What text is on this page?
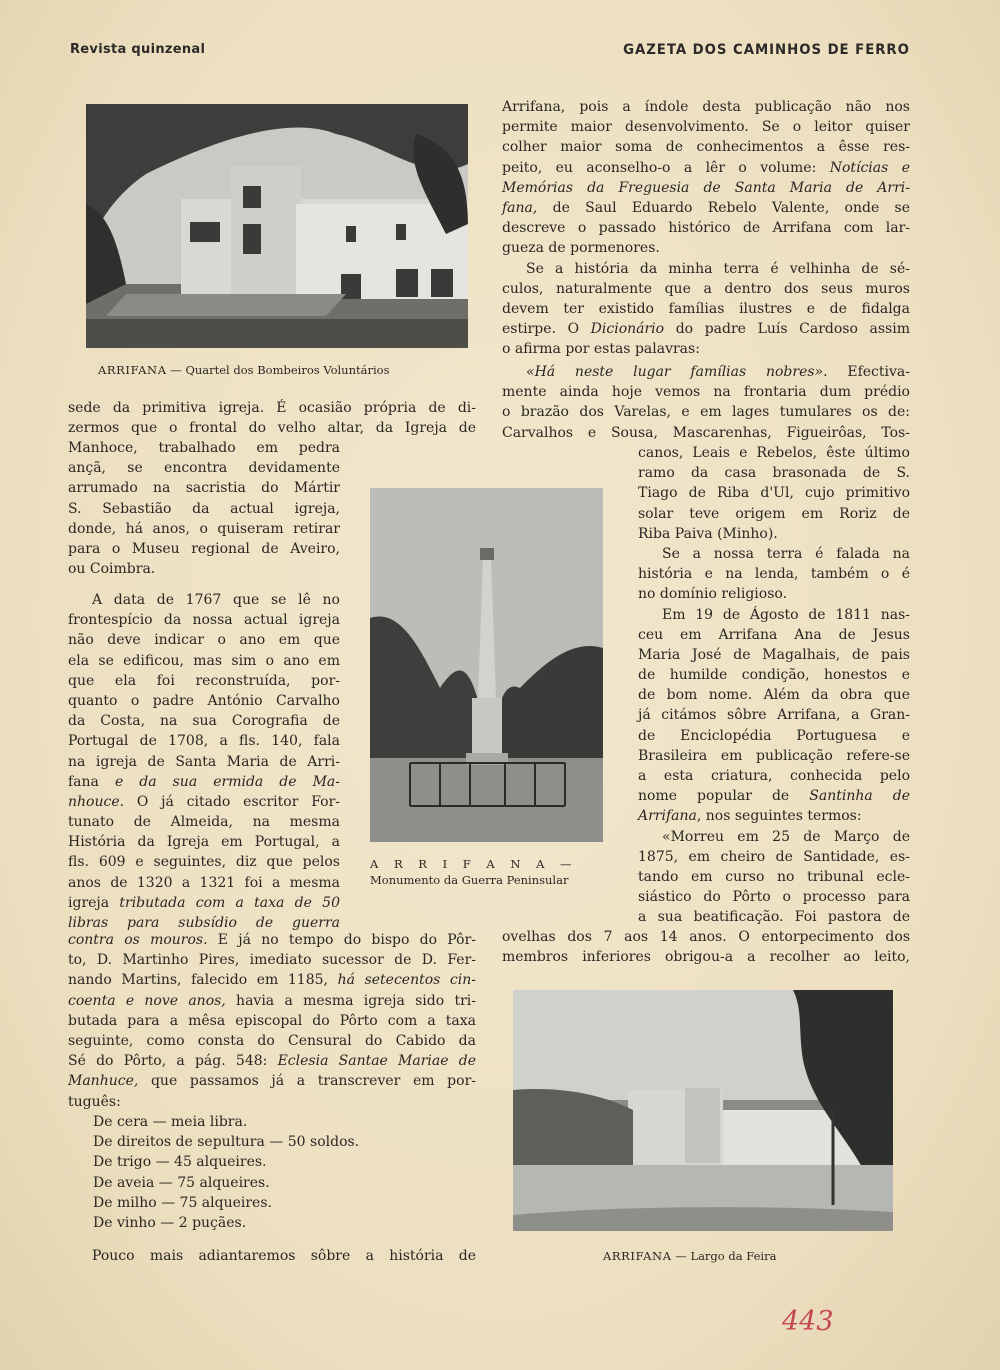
Revista quinzenal	GAZETA DOS CAMINHOS DE FERRO
ARRIFANA — Quartel dos Bombeiros Voluntários
A R R I F A N A —
Monumento da Guerra Peninsular
ARRIFANA — Largo da Feira
Arrifana, pois a índole desta publicação não nos
permite maior desenvolvimento. Se o leitor quiser
colher maior soma de conhecimentos a êsse res-
peito, eu aconselho-o a lêr o volume: Notícias e
Memórias da Freguesia de Santa Maria de Arri-
fana, de Saul Eduardo Rebelo Valente, onde se
descreve o passado histórico de Arrifana com lar-
gueza de pormenores.
Se a história da minha terra é velhinha de sé-
culos, naturalmente que a dentro dos seus muros
devem ter existido famílias ilustres e de fidalga
estirpe. O Dicionário do padre Luís Cardoso assim
o afirma por estas palavras:
«Há neste lugar famílias nobres». Efectiva-
mente ainda hoje vemos na frontaria dum prédio
o brazão dos Varelas, e em lages tumulares os de:
Carvalhos e Sousa, Mascarenhas, Figueirôas, Tos-
canos, Leais e Rebelos, êste último
ramo da casa brasonada de S.
Tiago de Riba d'Ul, cujo primitivo
solar teve origem em Roriz de
Riba Paiva (Minho).
Se a nossa terra é falada na
história e na lenda, também o é
no domínio religioso.
Em 19 de Ágosto de 1811 nas-
ceu em Arrifana Ana de Jesus
Maria José de Magalhais, de pais
de humilde condição, honestos e
de bom nome. Além da obra que
já citámos sôbre Arrifana, a Gran-
de Enciclopédia Portuguesa e
Brasileira em publicação refere-se
a esta criatura, conhecida pelo
nome popular de Santinha de
Arrifana, nos seguintes termos:
«Morreu em 25 de Março de
1875, em cheiro de Santidade, es-
tando em curso no tribunal ecle-
siástico do Pôrto o processo para
a sua beatificação. Foi pastora de
ovelhas dos 7 aos 14 anos. O entorpecimento dos
membros inferiores obrigou-a a recolher ao leito,
sede da primitiva igreja. É ocasião própria de di-
zermos que o frontal do velho altar, da Igreja de
Manhoce, trabalhado em pedra
ançã, se encontra devidamente
arrumado na sacristia do Mártir
S. Sebastião da actual igreja,
donde, há anos, o quiseram retirar
para o Museu regional de Aveiro,
ou Coimbra.
A data de 1767 que se lê no
frontespício da nossa actual igreja
não deve indicar o ano em que
ela se edificou, mas sim o ano em
que ela foi reconstruída, por-
quanto o padre António Carvalho
da Costa, na sua Corografia de
Portugal de 1708, a fls. 140, fala
na igreja de Santa Maria de Arri-
fana e da sua ermida de Ma-
nhouce. O já citado escritor For-
tunato de Almeida, na mesma
História da Igreja em Portugal, a
fls. 609 e seguintes, diz que pelos
anos de 1320 a 1321 foi a mesma
igreja tributada com a taxa de 50
libras para subsídio de guerra
contra os mouros. E já no tempo do bispo do Pôr-
to, D. Martinho Pires, imediato sucessor de D. Fer-
nando Martins, falecido em 1185, há setecentos cin-
coenta e nove anos, havia a mesma igreja sido tri-
butada para a mêsa episcopal do Pôrto com a taxa
seguinte, como consta do Censural do Cabido da
Sé do Pôrto, a pág. 548: Eclesia Santae Mariae de
Manhuce, que passamos já a transcrever em por-
tuguês:
De cera — meia libra.
De direitos de sepultura — 50 soldos.
De trigo — 45 alqueires.
De aveia — 75 alqueires.
De milho — 75 alqueires.
De vinho — 2 puçães.
Pouco mais adiantaremos sôbre a história de
443
